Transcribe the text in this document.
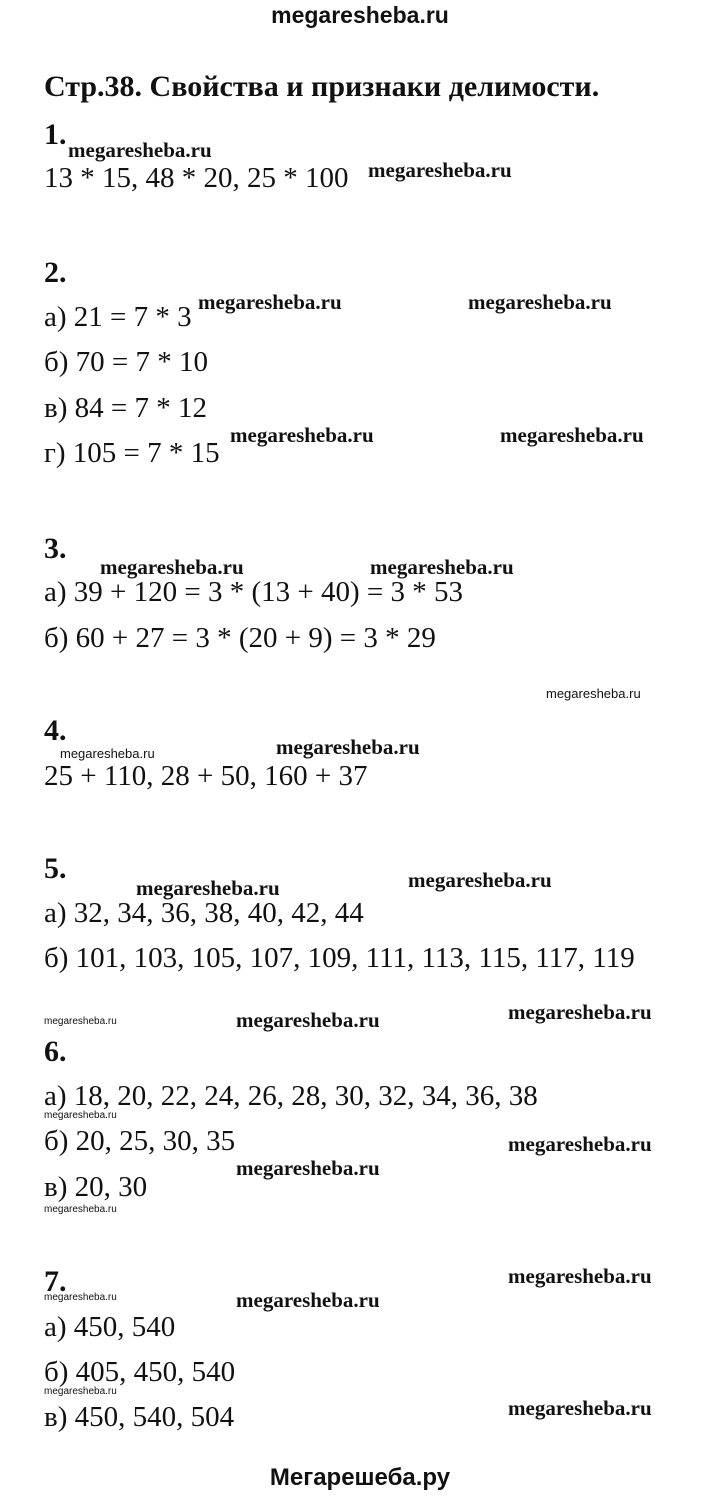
megaresheba.ru
Стр.38. Свойства и признаки делимости.
1.
13 * 15, 48 * 20, 25 * 100
2.
а) 21 = 7 * 3
б) 70 = 7 * 10
в) 84 = 7 * 12
г) 105 = 7 * 15
3.
а) 39 + 120 = 3 * (13 + 40) = 3 * 53
б) 60 + 27 = 3 * (20 + 9) = 3 * 29
4.
25 + 110, 28 + 50, 160 + 37
5.
а) 32, 34, 36, 38, 40, 42, 44
б) 101, 103, 105, 107, 109, 111, 113, 115, 117, 119
6.
а) 18, 20, 22, 24, 26, 28, 30, 32, 34, 36, 38
б) 20, 25, 30, 35
в) 20, 30
7.
а) 450, 540
б) 405, 450, 540
в) 450, 540, 504
megaresheba.ru
megaresheba.ru
megaresheba.ru	megaresheba.ru
megaresheba.ru	megaresheba.ru
megaresheba.ru	megaresheba.ru
megaresheba.ru
megaresheba.ru	megaresheba.ru
megaresheba.ru	megaresheba.ru
megaresheba.ru	megaresheba.ru	megaresheba.ru
megaresheba.ru
megaresheba.ru
megaresheba.ru
megaresheba.ru
megaresheba.ru
megaresheba.ru	megaresheba.ru
megaresheba.ru
megaresheba.ru
Мегарешеба.ру
